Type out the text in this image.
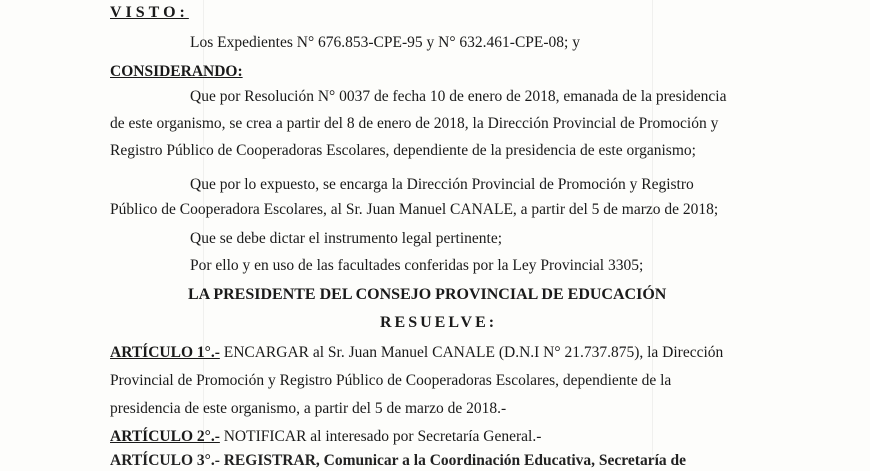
VISTO:
Los Expedientes N° 676.853-CPE-95 y N° 632.461-CPE-08; y
CONSIDERANDO:
Que por Resolución N° 0037 de fecha 10 de enero de 2018, emanada de la presidencia
de este organismo, se crea a partir del 8 de enero de 2018, la Dirección Provincial de Promoción y
Registro Público de Cooperadoras Escolares, dependiente de la presidencia de este organismo;
Que por lo expuesto, se encarga la Dirección Provincial de Promoción y Registro
Público de Cooperadora Escolares, al Sr. Juan Manuel CANALE, a partir del 5 de marzo de 2018;
Que se debe dictar el instrumento legal pertinente;
Por ello y en uso de las facultades conferidas por la Ley Provincial 3305;
LA PRESIDENTE DEL CONSEJO PROVINCIAL DE EDUCACIÓN
RESUELVE:
ARTÍCULO 1°.- ENCARGAR al Sr. Juan Manuel CANALE (D.N.I N° 21.737.875), la Dirección
Provincial de Promoción y Registro Público de Cooperadoras Escolares, dependiente de la
presidencia de este organismo, a partir del 5 de marzo de 2018.-
ARTÍCULO 2°.- NOTIFICAR al interesado por Secretaría General.-
ARTÍCULO 3°.- REGISTRAR, Comunicar a la Coordinación Educativa, Secretaría de
